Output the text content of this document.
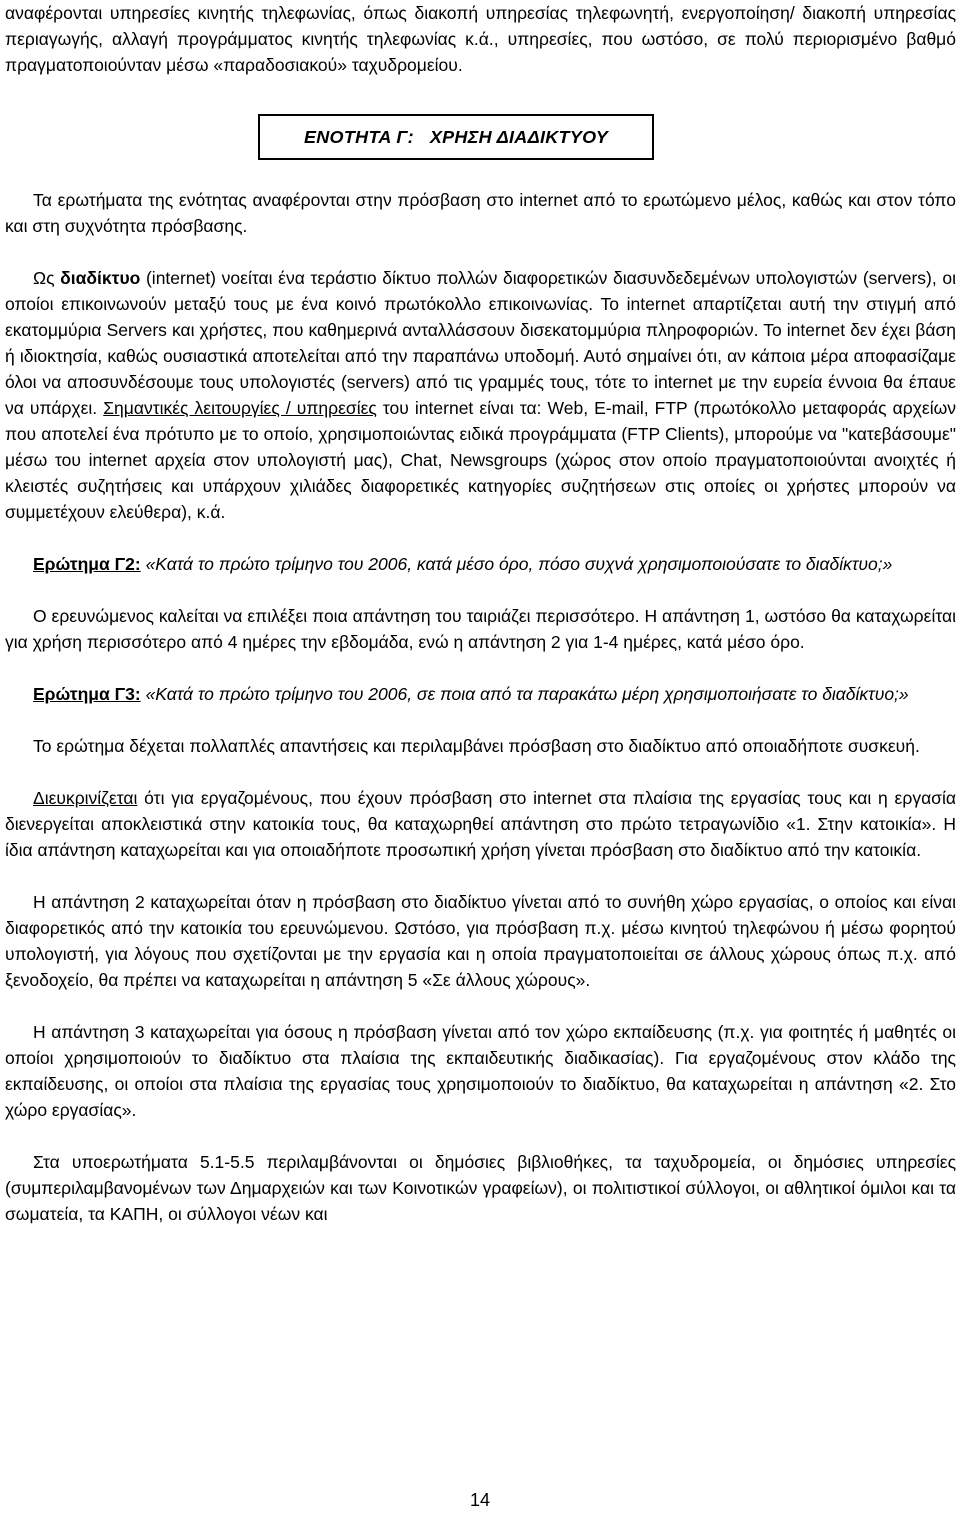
αναφέρονται υπηρεσίες κινητής τηλεφωνίας, όπως διακοπή υπηρεσίας τηλεφωνητή, ενεργοποίηση/ διακοπή υπηρεσίας περιαγωγής, αλλαγή προγράμματος κινητής τηλεφωνίας κ.ά., υπηρεσίες, που ωστόσο, σε πολύ περιορισμένο βαθμό πραγματοποιούνταν μέσω «παραδοσιακού» ταχυδρομείου.

ΕΝΟΤΗΤΑ Γ:   ΧΡΗΣΗ ΔΙΑΔΙΚΤΥΟΥ

Τα ερωτήματα της ενότητας αναφέρονται στην πρόσβαση στο internet από το ερωτώμενο μέλος, καθώς και στον τόπο και στη συχνότητα πρόσβασης.

Ως διαδίκτυο (internet) νοείται ένα τεράστιο δίκτυο πολλών διαφορετικών διασυνδεδεμένων υπολογιστών (servers), οι οποίοι επικοινωνούν μεταξύ τους με ένα κοινό πρωτόκολλο επικοινωνίας. Το internet απαρτίζεται αυτή την στιγμή από εκατομμύρια Servers και χρήστες, που καθημερινά ανταλλάσσουν δισεκατομμύρια πληροφοριών. Το internet δεν έχει βάση ή ιδιοκτησία, καθώς ουσιαστικά αποτελείται από την παραπάνω υποδομή. Αυτό σημαίνει ότι, αν κάποια μέρα αποφασίζαμε όλοι να αποσυνδέσουμε τους υπολογιστές (servers) από τις γραμμές τους, τότε το internet με την ευρεία έννοια θα έπαυε να υπάρχει. Σημαντικές λειτουργίες / υπηρεσίες του internet είναι τα: Web, E-mail, FTP (πρωτόκολλο μεταφοράς αρχείων που αποτελεί ένα πρότυπο με το οποίο, χρησιμοποιώντας ειδικά προγράμματα (FTP Clients), μπορούμε να "κατεβάσουμε" μέσω του internet αρχεία στον υπολογιστή μας), Chat, Newsgroups (χώρος στον οποίο πραγματοποιούνται ανοιχτές ή κλειστές συζητήσεις και υπάρχουν χιλιάδες διαφορετικές κατηγορίες συζητήσεων στις οποίες οι χρήστες μπορούν να συμμετέχουν ελεύθερα), κ.ά.

Ερώτημα Γ2: «Κατά το πρώτο τρίμηνο του 2006, κατά μέσο όρο, πόσο συχνά χρησιμοποιούσατε το διαδίκτυο;»

Ο ερευνώμενος καλείται να επιλέξει ποια απάντηση του ταιριάζει περισσότερο. Η απάντηση 1, ωστόσο θα καταχωρείται για χρήση περισσότερο από 4 ημέρες την εβδομάδα, ενώ η απάντηση 2 για 1-4 ημέρες, κατά μέσο όρο.

Ερώτημα Γ3: «Κατά το πρώτο τρίμηνο του 2006, σε ποια από τα παρακάτω μέρη χρησιμοποιήσατε το διαδίκτυο;»

Το ερώτημα δέχεται πολλαπλές απαντήσεις και περιλαμβάνει πρόσβαση στο διαδίκτυο από οποιαδήποτε συσκευή.

Διευκρινίζεται ότι για εργαζομένους, που έχουν πρόσβαση στο internet στα πλαίσια της εργασίας τους και η εργασία διενεργείται αποκλειστικά στην κατοικία τους, θα καταχωρηθεί απάντηση στο πρώτο τετραγωνίδιο «1. Στην κατοικία». Η ίδια απάντηση καταχωρείται και για οποιαδήποτε προσωπική χρήση γίνεται πρόσβαση στο διαδίκτυο από την κατοικία.

Η απάντηση 2 καταχωρείται όταν η πρόσβαση στο διαδίκτυο γίνεται από το συνήθη χώρο εργασίας, ο οποίος και είναι διαφορετικός από την κατοικία του ερευνώμενου. Ωστόσο, για πρόσβαση π.χ. μέσω κινητού τηλεφώνου ή μέσω φορητού υπολογιστή, για λόγους που σχετίζονται με την εργασία και η οποία πραγματοποιείται σε άλλους χώρους όπως π.χ. από ξενοδοχείο, θα πρέπει να καταχωρείται η απάντηση 5 «Σε άλλους χώρους».

Η απάντηση 3 καταχωρείται για όσους η πρόσβαση γίνεται από τον χώρο εκπαίδευσης (π.χ. για φοιτητές ή μαθητές οι οποίοι χρησιμοποιούν το διαδίκτυο στα πλαίσια της εκπαιδευτικής διαδικασίας). Για εργαζομένους στον κλάδο της εκπαίδευσης, οι οποίοι στα πλαίσια της εργασίας τους χρησιμοποιούν το διαδίκτυο, θα καταχωρείται η απάντηση «2. Στο χώρο εργασίας».

Στα υποερωτήματα 5.1-5.5 περιλαμβάνονται οι δημόσιες βιβλιοθήκες, τα ταχυδρομεία, οι δημόσιες υπηρεσίες (συμπεριλαμβανομένων των Δημαρχειών και των Κοινοτικών γραφείων), οι πολιτιστικοί σύλλογοι, οι αθλητικοί όμιλοι και τα σωματεία, τα ΚΑΠΗ, οι σύλλογοι νέων και

14
